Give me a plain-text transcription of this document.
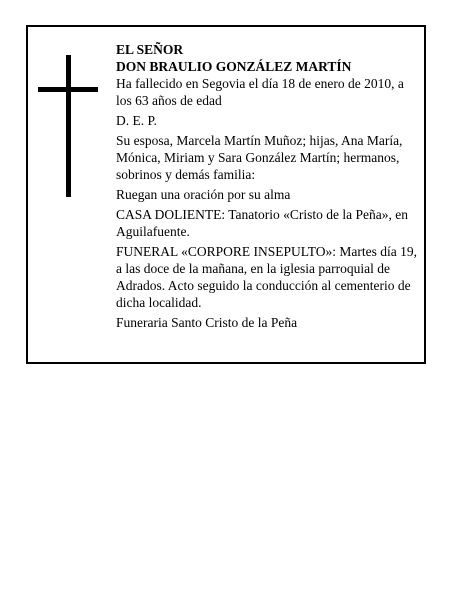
EL SEÑOR

DON BRAULIO GONZÁLEZ MARTÍN

Ha fallecido en Segovia el día 18 de enero de 2010, a los 63 años de edad

D. E. P.

Su esposa, Marcela Martín Muñoz; hijas, Ana María, Mónica, Miriam y Sara González Martín; hermanos, sobrinos y demás familia:

Ruegan una oración por su alma

CASA DOLIENTE: Tanatorio «Cristo de la Peña», en Aguilafuente.

FUNERAL «CORPORE INSEPULTO»: Martes día 19, a las doce de la mañana, en la iglesia parroquial de Adrados. Acto seguido la conducción al cementerio de dicha localidad.

Funeraria Santo Cristo de la Peña
